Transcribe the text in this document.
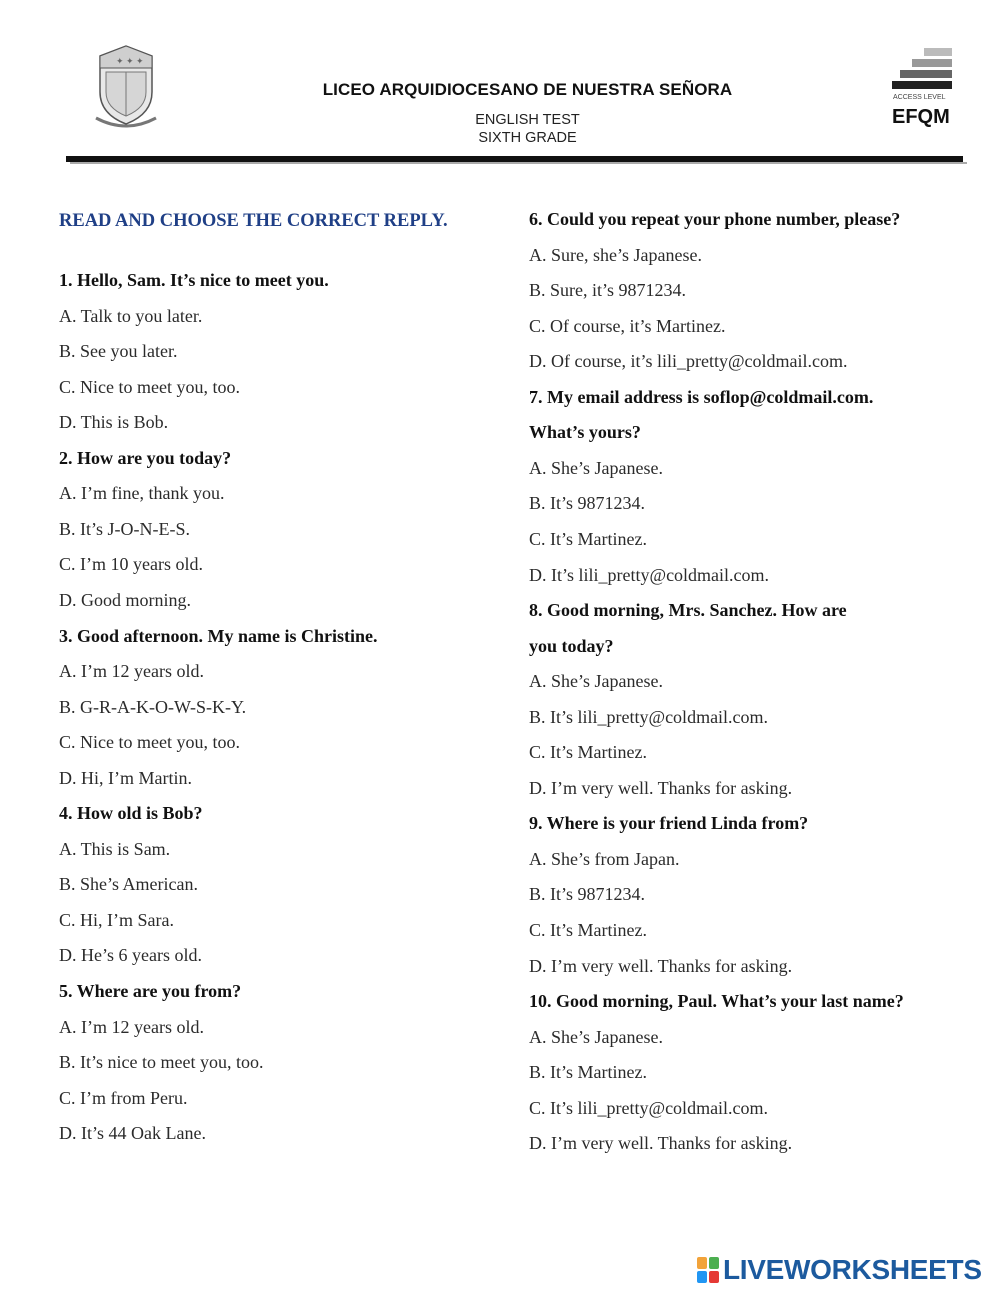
✦ ✦ ✦
LICEO ARQUIDIOCESANO DE NUESTRA SEÑORA
ENGLISH TEST
SIXTH GRADE
ACCESS LEVEL
EFQM
READ AND CHOOSE THE CORRECT REPLY.
1. Hello, Sam. It’s nice to meet you.
A. Talk to you later.
B. See you later.
C. Nice to meet you, too.
D. This is Bob.
2. How are you today?
A. I’m fine, thank you.
B. It’s J-O-N-E-S.
C. I’m 10 years old.
D. Good morning.
3. Good afternoon. My name is Christine.
A. I’m 12 years old.
B. G-R-A-K-O-W-S-K-Y.
C. Nice to meet you, too.
D. Hi, I’m Martin.
4. How old is Bob?
A. This is Sam.
B. She’s American.
C. Hi, I’m Sara.
D. He’s 6 years old.
5. Where are you from?
A. I’m 12 years old.
B. It’s nice to meet you, too.
C. I’m from Peru.
D. It’s 44 Oak Lane.
6. Could you repeat your phone number, please?
A. Sure, she’s Japanese.
B. Sure, it’s 9871234.
C. Of course, it’s Martinez.
D. Of course, it’s lili_pretty@coldmail.com.
7. My email address is soflop@coldmail.com.
What’s yours?
A. She’s Japanese.
B. It’s 9871234.
C. It’s Martinez.
D. It’s lili_pretty@coldmail.com.
8. Good morning, Mrs. Sanchez. How are
you today?
A. She’s Japanese.
B. It’s lili_pretty@coldmail.com.
C. It’s Martinez.
D. I’m very well. Thanks for asking.
9. Where is your friend Linda from?
A. She’s from Japan.
B. It’s 9871234.
C. It’s Martinez.
D. I’m very well. Thanks for asking.
10. Good morning, Paul. What’s your last name?
A. She’s Japanese.
B. It’s Martinez.
C. It’s lili_pretty@coldmail.com.
D. I’m very well. Thanks for asking.
LIVEWORKSHEETS
